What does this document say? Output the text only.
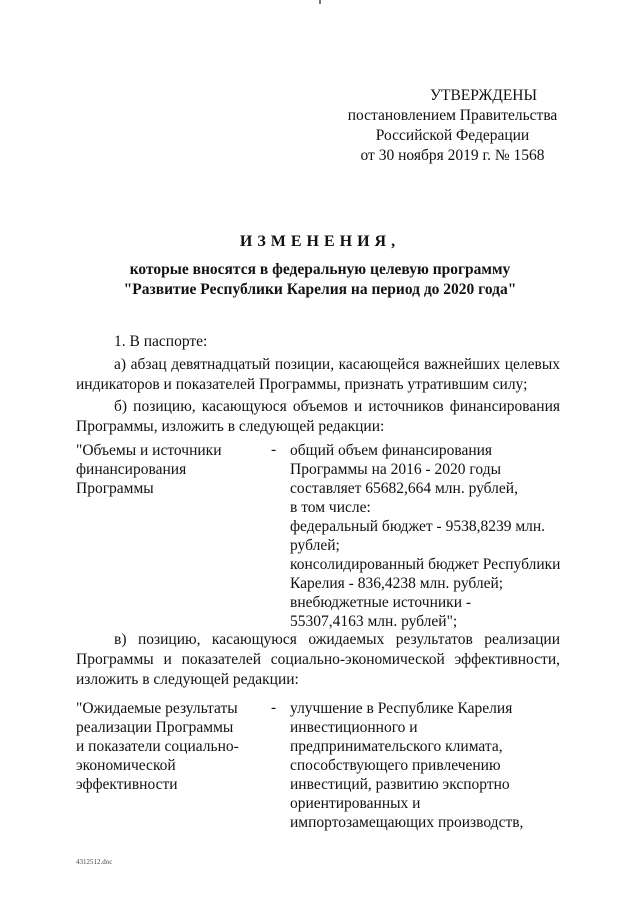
УТВЕРЖДЕНЫ
постановлением Правительства
Российской Федерации
от 30 ноября 2019 г. № 1568
ИЗМЕНЕНИЯ,
которые вносятся в федеральную целевую программу
"Развитие Республики Карелия на период до 2020 года"
1. В паспорте:
а) абзац девятнадцатый позиции, касающейся важнейших целевых
индикаторов и показателей Программы, признать утратившим силу;
б) позицию, касающуюся объемов и источников финансирования
Программы, изложить в следующей редакции:
"Объемы и источники
финансирования
Программы
- общий объем финансирования
Программы на 2016 - 2020 годы
составляет 65682,664 млн. рублей,
в том числе:
федеральный бюджет - 9538,8239 млн.
рублей;
консолидированный бюджет Республики
Карелия - 836,4238 млн. рублей;
внебюджетные источники -
55307,4163 млн. рублей";
в) позицию, касающуюся ожидаемых результатов реализации
Программы и показателей социально-экономической эффективности,
изложить в следующей редакции:
"Ожидаемые результаты
реализации Программы
и показатели социально-
экономической
эффективности
- улучшение в Республике Карелия
инвестиционного и
предпринимательского климата,
способствующего привлечению
инвестиций, развитию экспортно
ориентированных и
импортозамещающих производств,
4312512.doc
